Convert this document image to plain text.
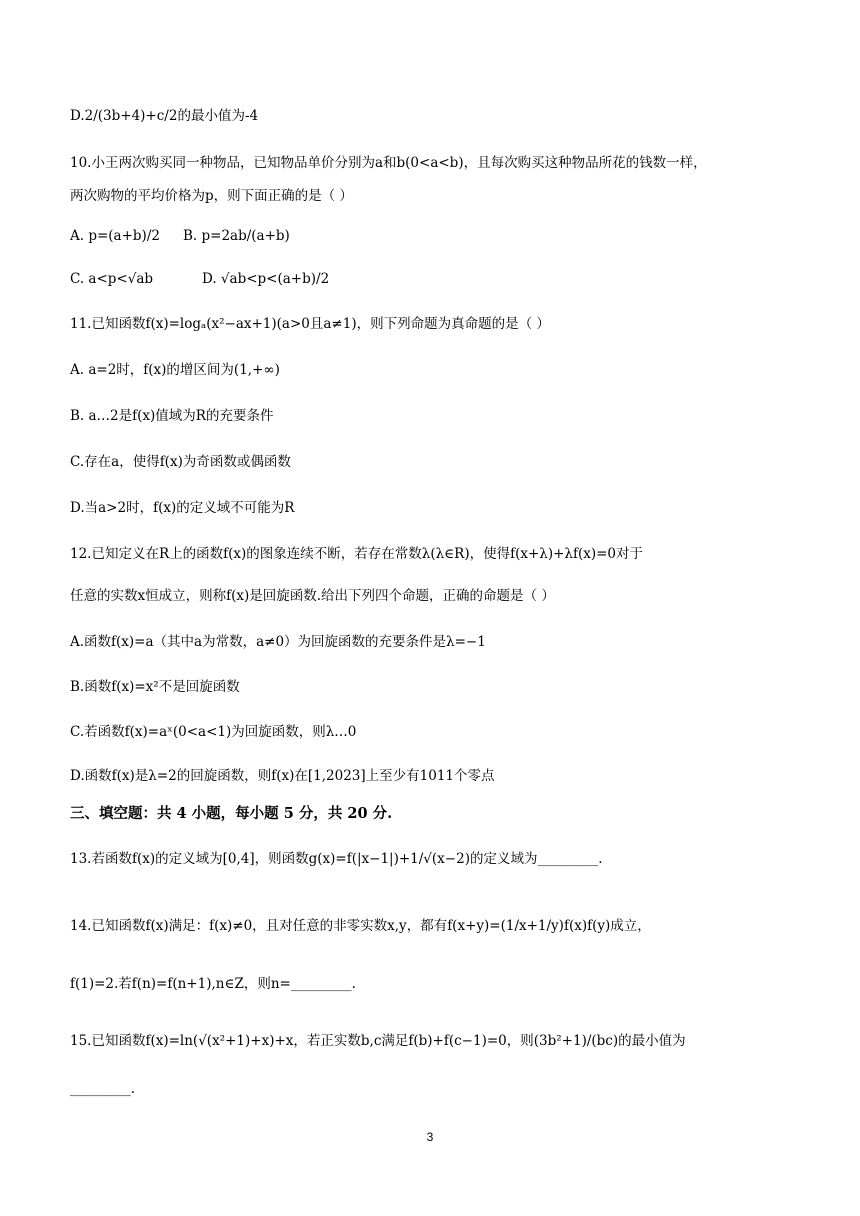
D.2/(3b+4)+c/2的最小值为-4
10.小王两次购买同一种物品，已知物品单价分别为a和b(0<a<b)，且每次购买这种物品所花的钱数一样，
两次购物的平均价格为p，则下面正确的是（ ）
A. p=(a+b)/2 B. p=2ab/(a+b)
C. a<p<√ab	D. √ab<p<(a+b)/2
11.已知函数f(x)=logₐ(x²−ax+1)(a>0且a≠1)，则下列命题为真命题的是（ ）
A. a=2时，f(x)的增区间为(1,+∞)
B. a…2是f(x)值域为R的充要条件
C.存在a，使得f(x)为奇函数或偶函数
D.当a>2时，f(x)的定义域不可能为R
12.已知定义在R上的函数f(x)的图象连续不断，若存在常数λ(λ∈R)，使得f(x+λ)+λf(x)=0对于
任意的实数x恒成立，则称f(x)是回旋函数.给出下列四个命题，正确的命题是（ ）
A.函数f(x)=a（其中a为常数，a≠0）为回旋函数的充要条件是λ=−1
B.函数f(x)=x²不是回旋函数
C.若函数f(x)=aˣ(0<a<1)为回旋函数，则λ…0
D.函数f(x)是λ=2的回旋函数，则f(x)在[1,2023]上至少有1011个零点
三、填空题：共 4 小题，每小题 5 分，共 20 分.
13.若函数f(x)的定义域为[0,4]，则函数g(x)=f(|x−1|)+1/√(x−2)的定义域为_________.
14.已知函数f(x)满足：f(x)≠0，且对任意的非零实数x,y，都有f(x+y)=(1/x+1/y)f(x)f(y)成立，
f(1)=2.若f(n)=f(n+1),n∈Z，则n=_________.
15.已知函数f(x)=ln(√(x²+1)+x)+x，若正实数b,c满足f(b)+f(c−1)=0，则(3b²+1)/(bc)的最小值为
_________.
3
